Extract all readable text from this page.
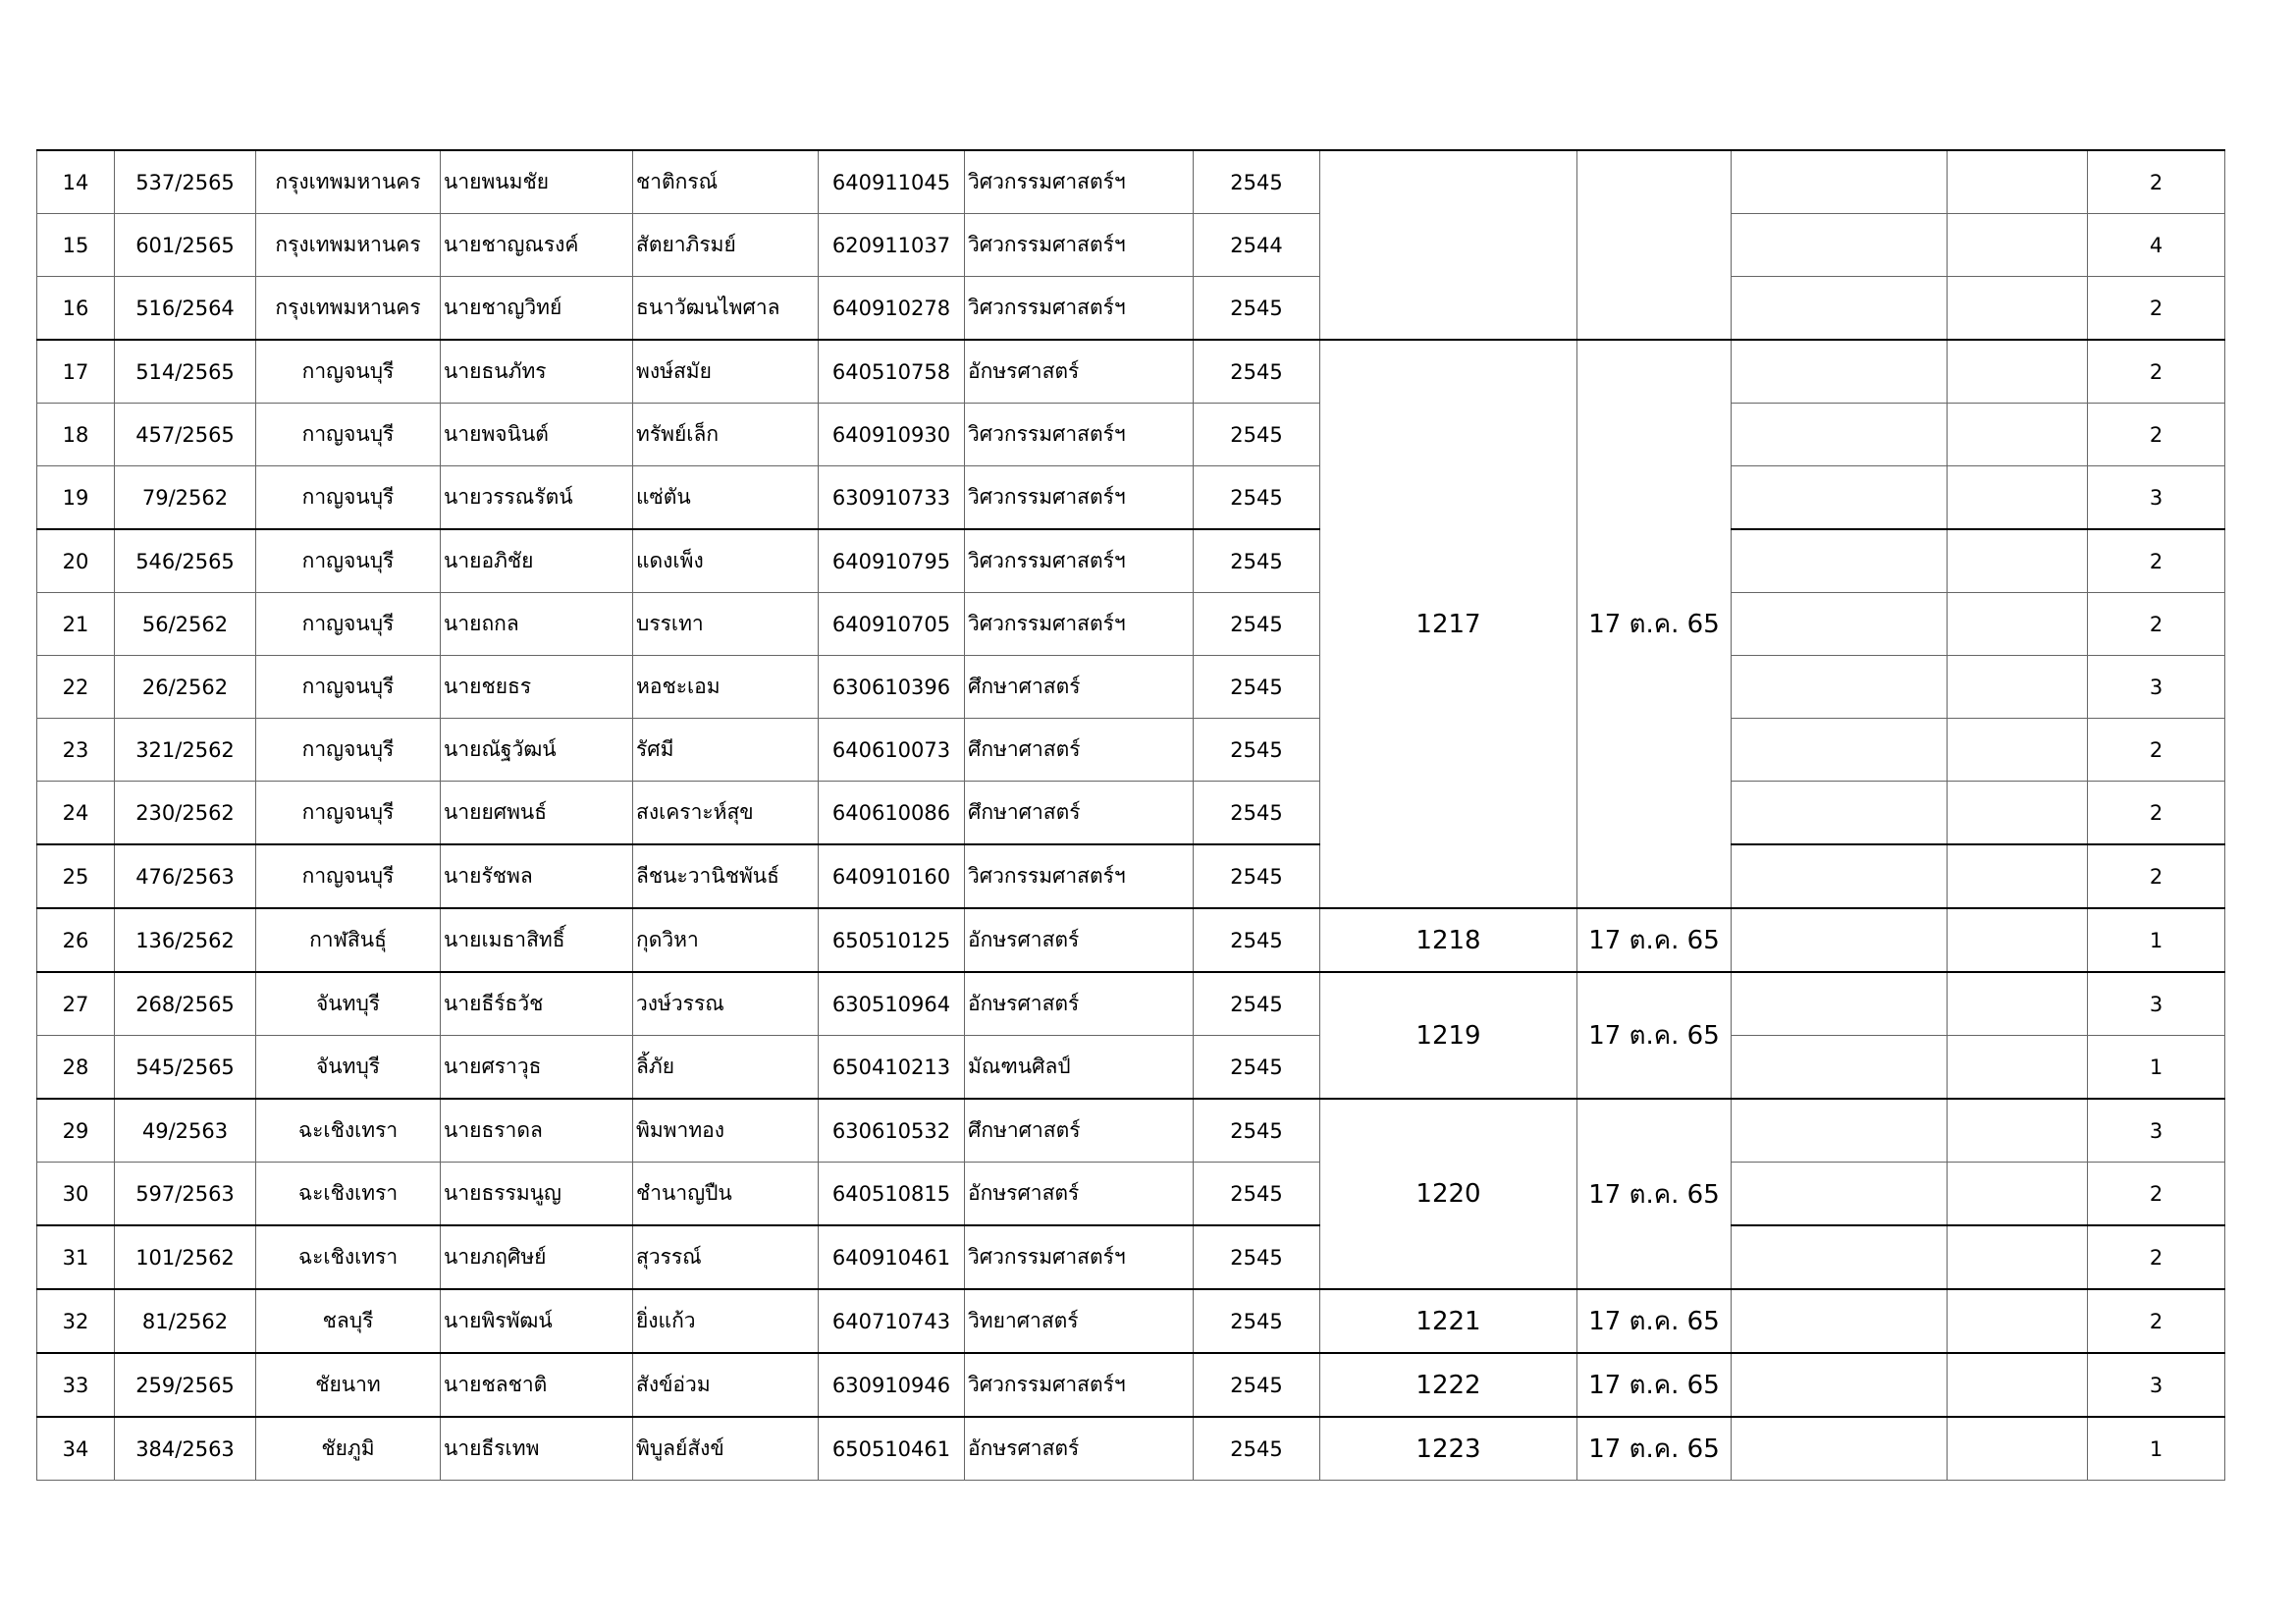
14	537/2565	กรุงเทพมหานคร	นายพนมชัย	ชาติกรณ์	640911045	วิศวกรรมศาสตร์ฯ	2545					2
15	601/2565	กรุงเทพมหานคร	นายชาญณรงค์	สัตยาภิรมย์	620911037	วิศวกรรมศาสตร์ฯ	2544					4
16	516/2564	กรุงเทพมหานคร	นายชาญวิทย์	ธนาวัฒนไพศาล	640910278	วิศวกรรมศาสตร์ฯ	2545					2
17	514/2565	กาญจนบุรี	นายธนภัทร	พงษ์สมัย	640510758	อักษรศาสตร์	2545	1217	17 ต.ค. 65			2
18	457/2565	กาญจนบุรี	นายพจนินต์	ทรัพย์เล็ก	640910930	วิศวกรรมศาสตร์ฯ	2545					2
19	79/2562	กาญจนบุรี	นายวรรณรัตน์	แซ่ตัน	630910733	วิศวกรรมศาสตร์ฯ	2545					3
20	546/2565	กาญจนบุรี	นายอภิชัย	แดงเพ็ง	640910795	วิศวกรรมศาสตร์ฯ	2545					2
21	56/2562	กาญจนบุรี	นายถกล	บรรเทา	640910705	วิศวกรรมศาสตร์ฯ	2545					2
22	26/2562	กาญจนบุรี	นายชยธร	หอชะเอม	630610396	ศึกษาศาสตร์	2545					3
23	321/2562	กาญจนบุรี	นายณัฐวัฒน์	รัศมี	640610073	ศึกษาศาสตร์	2545					2
24	230/2562	กาญจนบุรี	นายยศพนธ์	สงเคราะห์สุข	640610086	ศึกษาศาสตร์	2545					2
25	476/2563	กาญจนบุรี	นายรัชพล	ลีชนะวานิชพันธ์	640910160	วิศวกรรมศาสตร์ฯ	2545					2
26	136/2562	กาฬสินธุ์	นายเมธาสิทธิ์	กุดวิหา	650510125	อักษรศาสตร์	2545	1218	17 ต.ค. 65			1
27	268/2565	จันทบุรี	นายธีร์ธวัช	วงษ์วรรณ	630510964	อักษรศาสตร์	2545	1219	17 ต.ค. 65			3
28	545/2565	จันทบุรี	นายศราวุธ	ลิ้ภัย	650410213	มัณฑนศิลป์	2545					1
29	49/2563	ฉะเชิงเทรา	นายธราดล	พิมพาทอง	630610532	ศึกษาศาสตร์	2545	1220	17 ต.ค. 65			3
30	597/2563	ฉะเชิงเทรา	นายธรรมนูญ	ชำนาญปืน	640510815	อักษรศาสตร์	2545					2
31	101/2562	ฉะเชิงเทรา	นายภฤศิษย์	สุวรรณ์	640910461	วิศวกรรมศาสตร์ฯ	2545					2
32	81/2562	ชลบุรี	นายพิรพัฒน์	ยิ่งแก้ว	640710743	วิทยาศาสตร์	2545	1221	17 ต.ค. 65			2
33	259/2565	ชัยนาท	นายชลชาติ	สังข์อ่วม	630910946	วิศวกรรมศาสตร์ฯ	2545	1222	17 ต.ค. 65			3
34	384/2563	ชัยภูมิ	นายธีรเทพ	พิบูลย์สังข์	650510461	อักษรศาสตร์	2545	1223	17 ต.ค. 65			1
